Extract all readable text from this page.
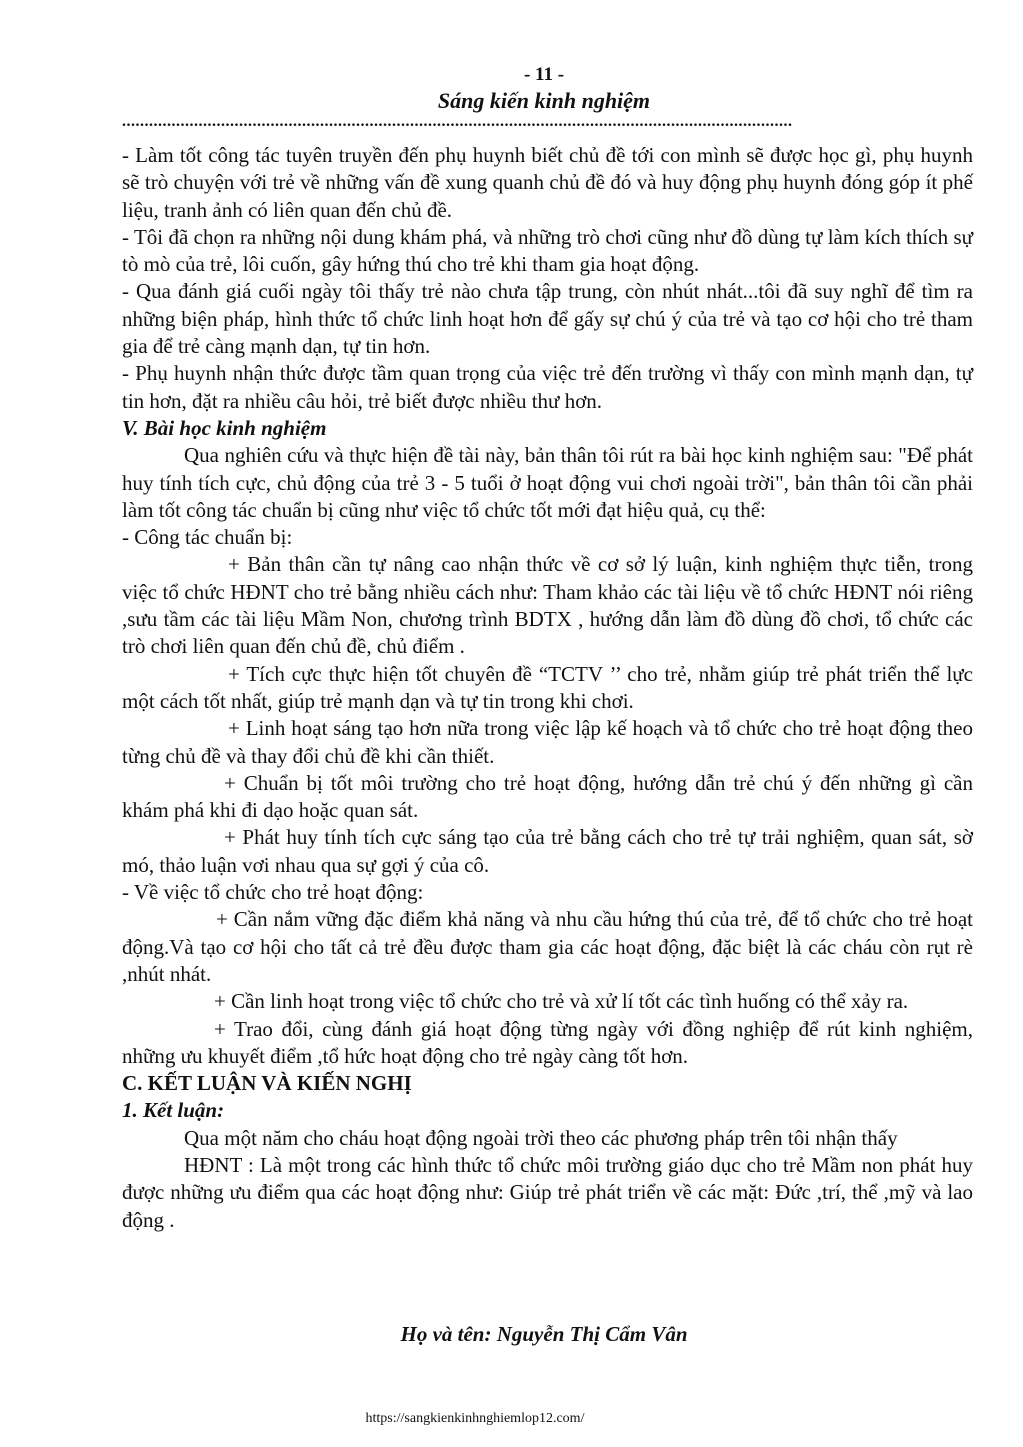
- 11 -
Sáng kiến kinh nghiệm
.....................................................................................................................................................

- Làm tốt công tác tuyên truyền đến phụ huynh biết chủ đề tới con mình sẽ được học gì, phụ huynh sẽ trò chuyện với trẻ về những vấn đề xung quanh chủ đề đó và huy động phụ huynh đóng góp ít phế liệu, tranh ảnh có liên quan đến chủ đề.

- Tôi đã chọn ra những nội dung khám phá, và những trò chơi cũng như đồ dùng tự làm kích thích sự tò mò của trẻ, lôi cuốn, gây hứng thú cho trẻ khi tham gia hoạt động.

- Qua đánh giá cuối ngày tôi thấy trẻ nào chưa tập trung, còn nhút nhát...tôi đã suy nghĩ để tìm ra những biện pháp, hình thức tổ chức linh hoạt hơn để gấy sự chú ý của trẻ và tạo cơ hội cho trẻ tham gia để trẻ càng mạnh dạn, tự tin hơn.

- Phụ huynh nhận thức được tầm quan trọng của việc trẻ đến trường vì thấy con mình mạnh dạn, tự tin hơn, đặt ra nhiều câu hỏi, trẻ biết được nhiều thư hơn.

V. Bài học kinh nghiệm

Qua nghiên cứu và thực hiện đề tài này, bản thân tôi rút ra bài học kinh nghiệm sau: "Để phát huy tính tích cực, chủ động của trẻ 3 - 5 tuổi ở hoạt động vui chơi ngoài trời", bản thân tôi cần phải làm tốt công tác chuẩn bị cũng như việc tổ chức tốt mới đạt hiệu quả, cụ thể:

- Công tác chuẩn bị:

+ Bản thân cần tự nâng cao nhận thức về cơ sở lý luận, kinh nghiệm thực tiễn, trong việc tổ chức HĐNT cho trẻ bằng nhiều cách như: Tham khảo các tài liệu về tổ chức HĐNT nói riêng ,sưu tầm các tài liệu Mầm Non, chương trình BDTX , hướng dẫn làm đồ dùng đồ chơi, tổ chức các trò chơi liên quan đến chủ đề, chủ điểm .

+ Tích cực thực hiện tốt chuyên đề “TCTV ’’ cho trẻ, nhằm giúp trẻ phát triển thể lực một cách tốt nhất, giúp trẻ mạnh dạn và tự tin trong khi chơi.

+ Linh hoạt sáng tạo hơn nữa trong việc lập kế hoạch và tổ chức cho trẻ hoạt động theo từng chủ đề và thay đổi chủ đề khi cần thiết.

+ Chuẩn bị tốt môi trường cho trẻ hoạt động, hướng dẫn trẻ chú ý đến những gì cần khám phá khi đi dạo hoặc quan sát.

+ Phát huy tính tích cực sáng tạo của trẻ bằng cách cho trẻ tự trải nghiệm, quan sát, sờ mó, thảo luận vơi nhau qua sự gợi ý của cô.

- Về việc tổ chức cho trẻ hoạt động:

+ Cần nắm vững đặc điểm khả năng và nhu cầu hứng thú của trẻ, để tổ chức cho trẻ hoạt động.Và tạo cơ hội cho tất cả trẻ đều được tham gia các hoạt động, đặc biệt là các cháu còn rụt rè ,nhút nhát.

+ Cần linh hoạt trong việc tổ chức cho trẻ và xử lí tốt các tình huống có thể xảy ra.

+ Trao đổi, cùng đánh giá hoạt động từng ngày với đồng nghiệp để rút kinh nghiệm, những ưu khuyết điểm ,tổ hức hoạt động cho trẻ ngày càng tốt hơn.

C. KẾT LUẬN VÀ KIẾN NGHỊ

1. Kết luận:

Qua một năm cho cháu hoạt động ngoài trời theo các phương pháp trên tôi nhận thấy

HĐNT : Là một trong các hình thức tổ chức môi trường giáo dục cho trẻ Mầm non phát huy được những ưu điểm qua các hoạt động như: Giúp trẻ phát triển về các mặt: Đức ,trí, thể ,mỹ và lao động .

Họ và tên: Nguyễn Thị Cẩm Vân
https://sangkienkinhnghiemlop12.com/
